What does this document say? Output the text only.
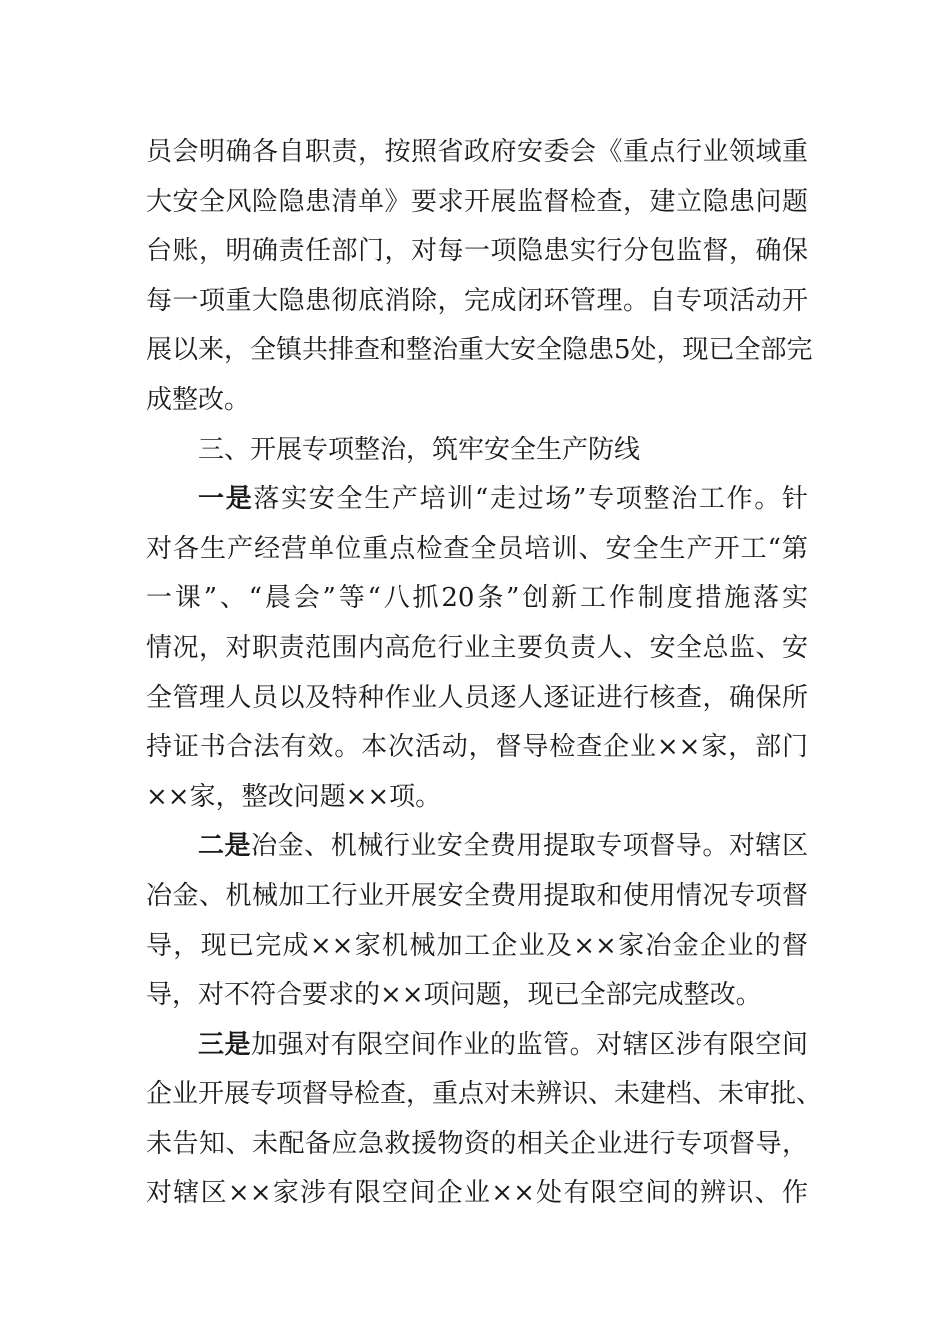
员会明确各自职责，按照省政府安委会《重点行业领域重
大安全风险隐患清单》要求开展监督检查，建立隐患问题
台账，明确责任部门，对每一项隐患实行分包监督，确保
每一项重大隐患彻底消除，完成闭环管理。自专项活动开
展以来，全镇共排查和整治重大安全隐患5处，现已全部完
成整改。
三、开展专项整治，筑牢安全生产防线
一是落实安全生产培训“走过场”专项整治工作。针
对各生产经营单位重点检查全员培训、安全生产开工“第
一课”、“晨会”等“八抓20条”创新工作制度措施落实
情况，对职责范围内高危行业主要负责人、安全总监、安
全管理人员以及特种作业人员逐人逐证进行核查，确保所
持证书合法有效。本次活动，督导检查企业××家，部门
××家，整改问题××项。
二是冶金、机械行业安全费用提取专项督导。对辖区
冶金、机械加工行业开展安全费用提取和使用情况专项督
导，现已完成××家机械加工企业及××家冶金企业的督
导，对不符合要求的××项问题，现已全部完成整改。
三是加强对有限空间作业的监管。对辖区涉有限空间
企业开展专项督导检查，重点对未辨识、未建档、未审批、
未告知、未配备应急救援物资的相关企业进行专项督导，
对辖区××家涉有限空间企业××处有限空间的辨识、作
